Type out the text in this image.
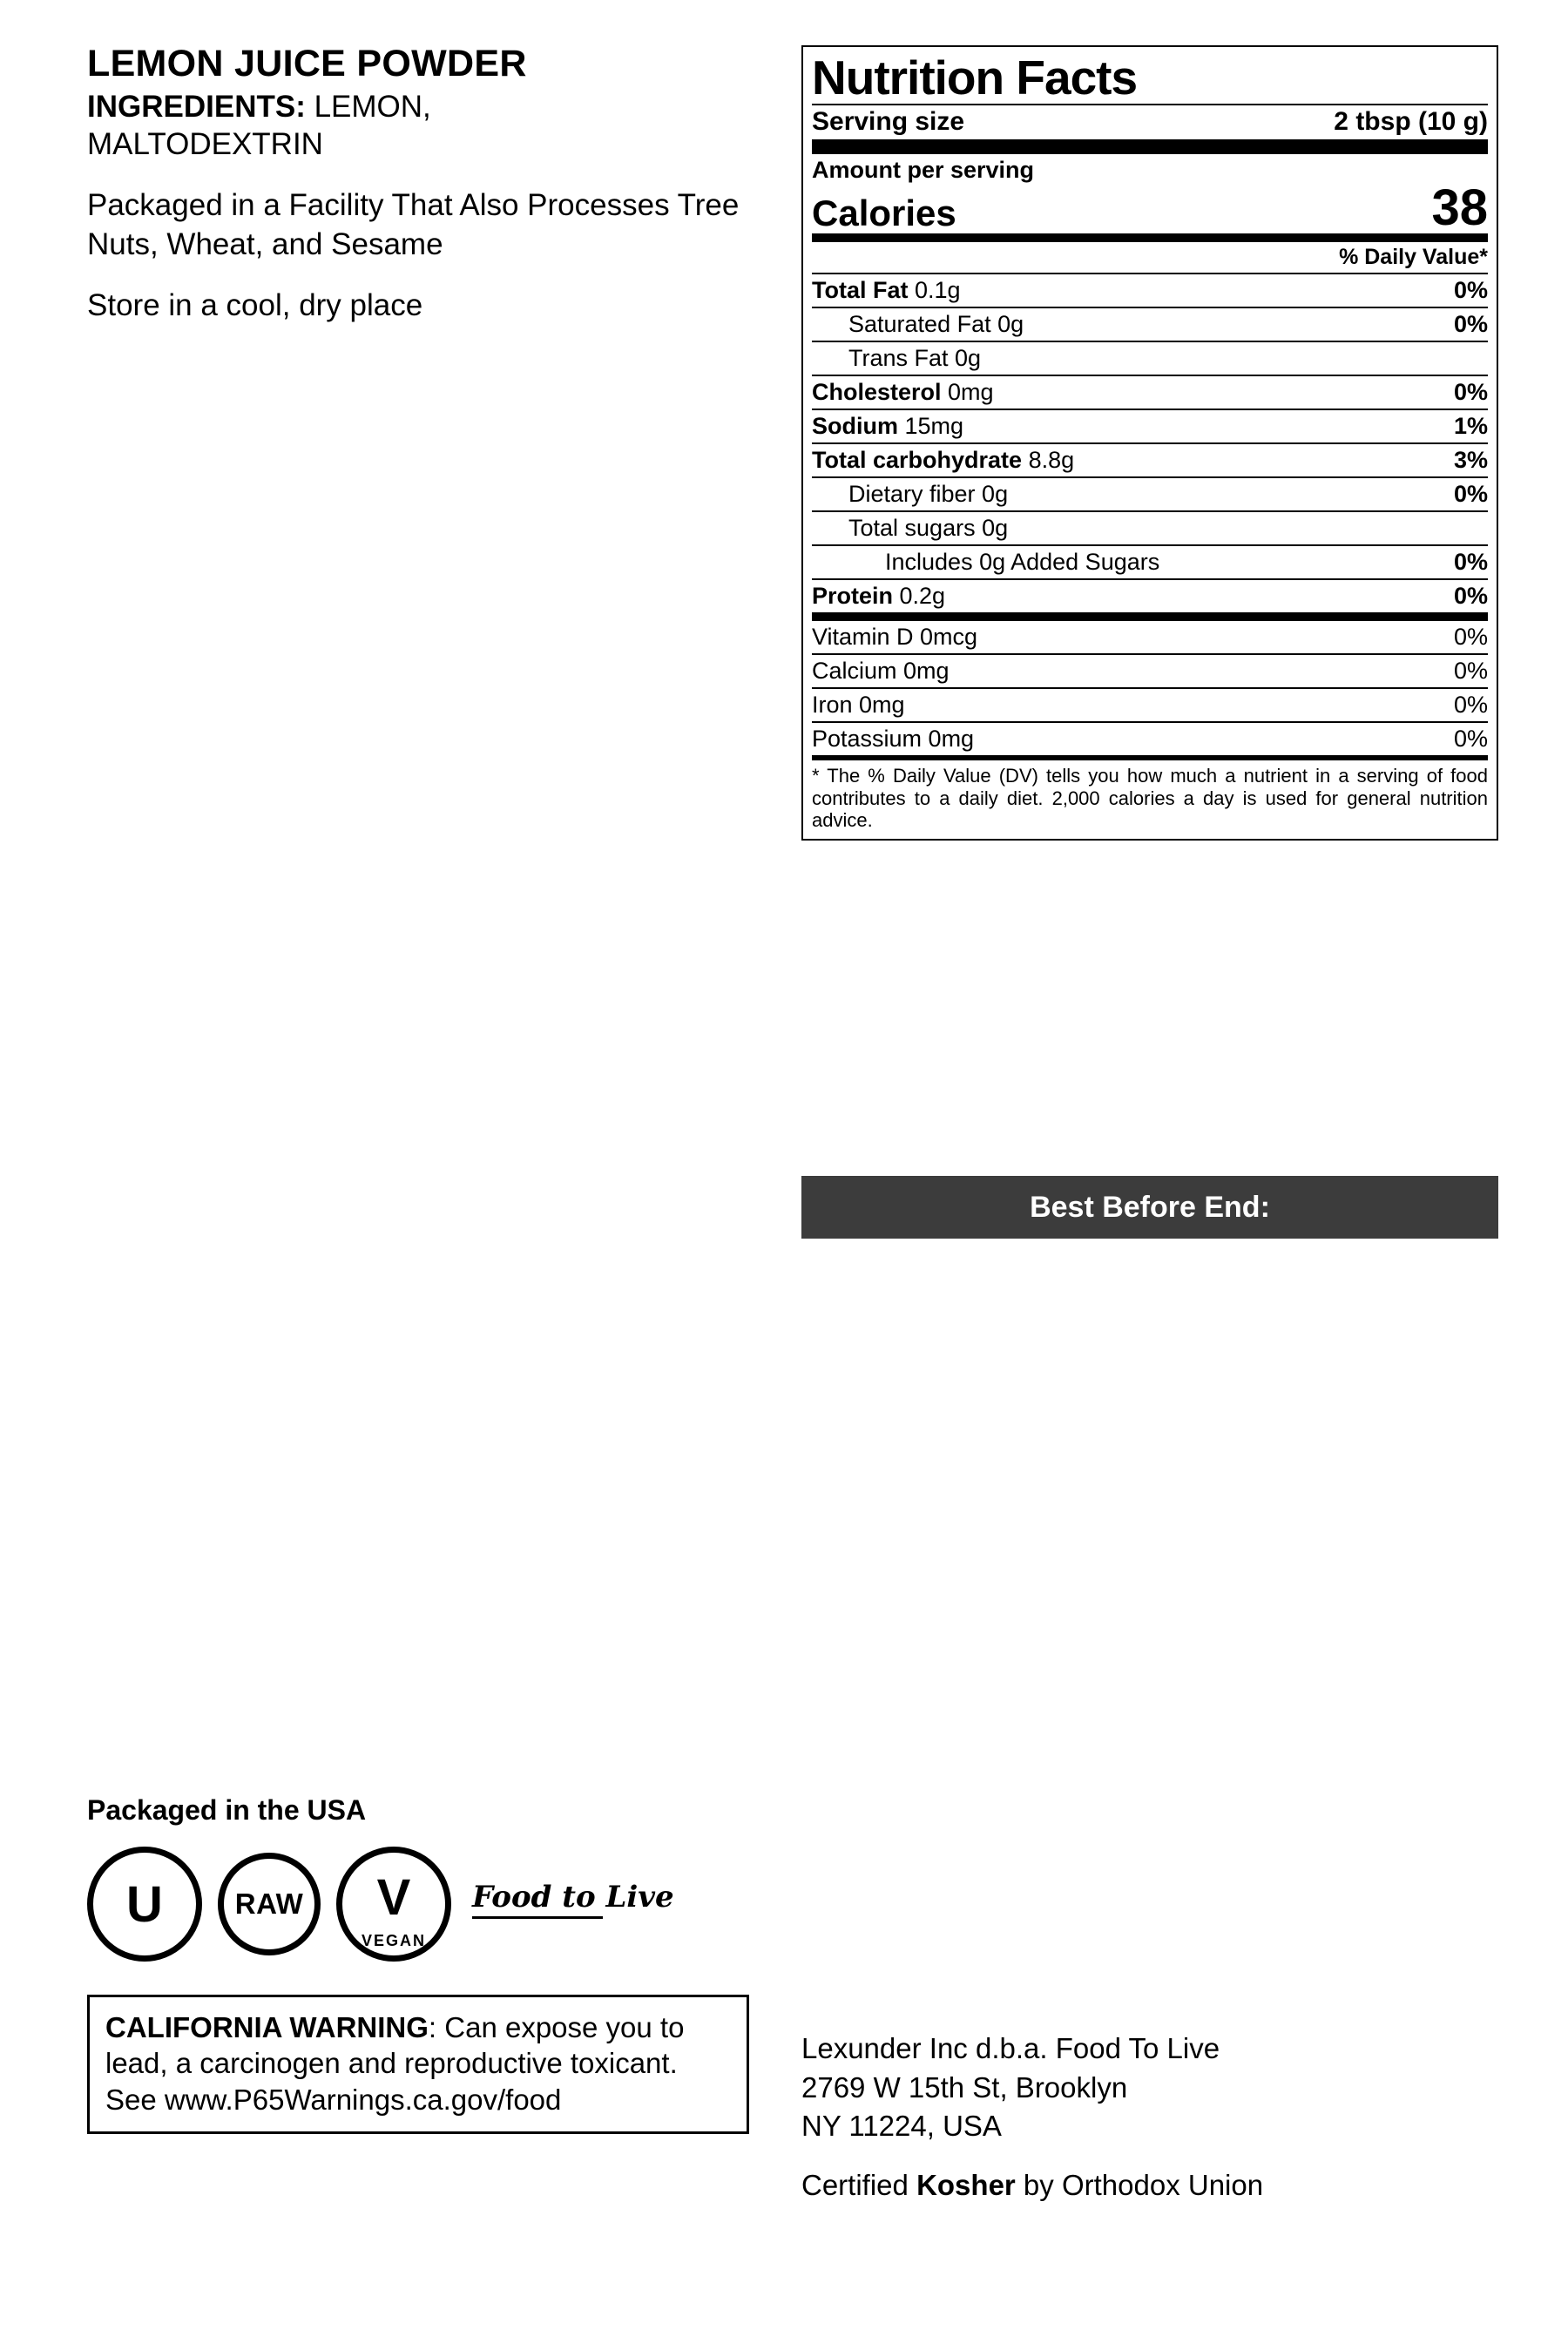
LEMON JUICE POWDER

INGREDIENTS: LEMON, MALTODEXTRIN

Packaged in a Facility That Also Processes Tree Nuts, Wheat, and Sesame

Store in a cool, dry place

Nutrition Facts
Serving size	2 tbsp (10 g)
Amount per serving
Calories	38
% Daily Value*
Total Fat 0.1g	0%
Saturated Fat 0g	0%
Trans Fat 0g
Cholesterol 0mg	0%
Sodium 15mg	1%
Total carbohydrate 8.8g	3%
Dietary fiber 0g	0%
Total sugars 0g
Includes 0g Added Sugars	0%
Protein 0.2g	0%
Vitamin D 0mcg	0%
Calcium 0mg	0%
Iron 0mg	0%
Potassium 0mg	0%
* The % Daily Value (DV) tells you how much a nutrient in a serving of food contributes to a daily diet. 2,000 calories a day is used for general nutrition advice.
Best Before End:
Packaged in the USA
U	RAW V
VEGAN
Food to Live
CALIFORNIA WARNING: Can expose you to lead, a carcinogen and reproductive toxicant. See www.P65Warnings.ca.gov/food
Lexunder Inc d.b.a. Food To Live
2769 W 15th St, Brooklyn
NY 11224, USA
Certified Kosher by Orthodox Union
